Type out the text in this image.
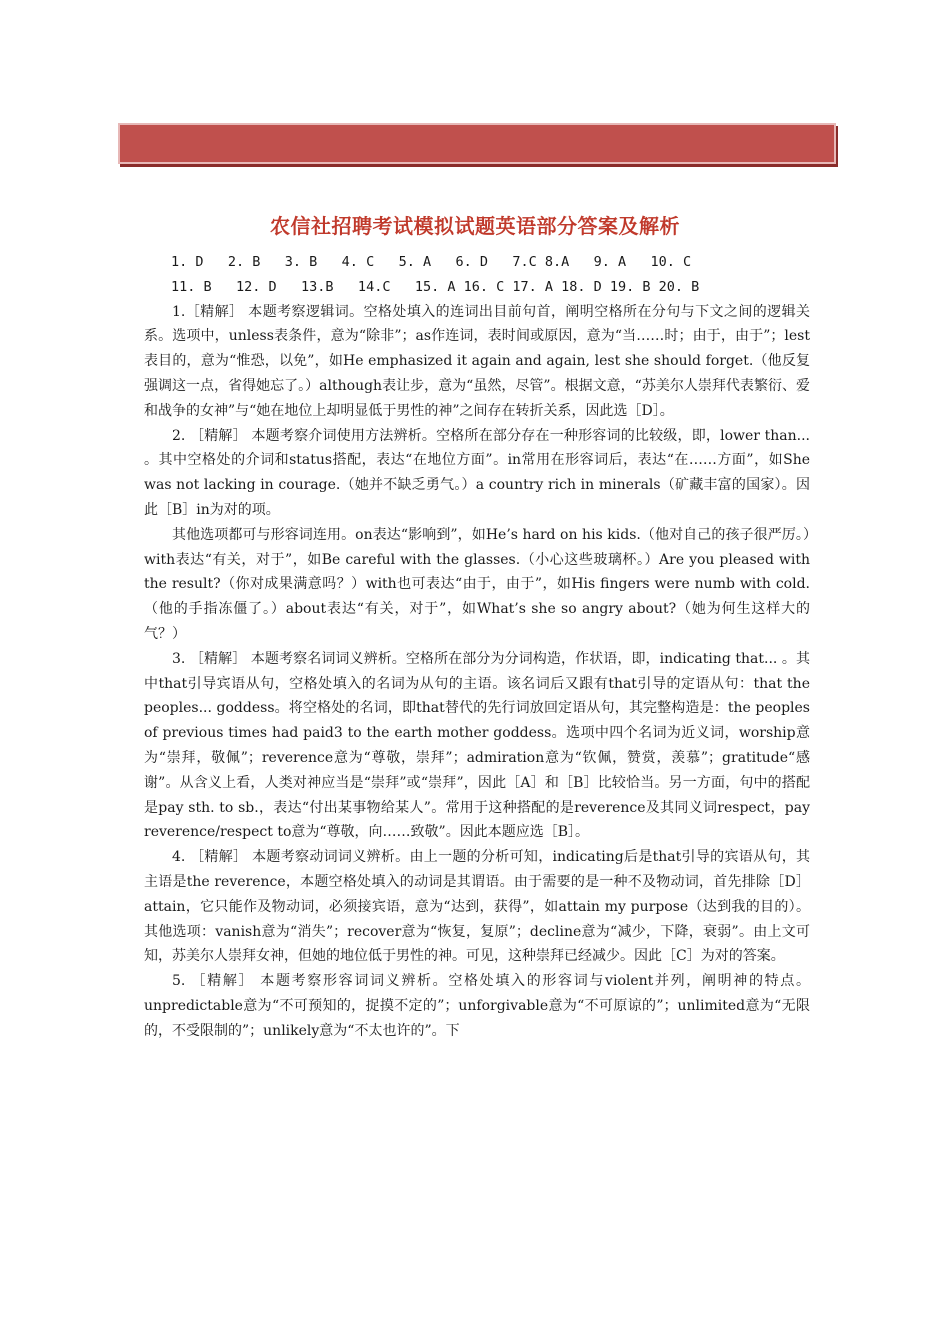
农信社招聘考试模拟试题英语部分答案及解析

1. D   2. B   3. B   4. C   5. A   6. D   7.C 8.A   9. A   10. C

11. B   12. D   13.B   14.C   15. A 16. C 17. A 18. D 19. B 20. B

1.［精解］ 本题考察逻辑词。空格处填入的连词出目前句首，阐明空格所在分句与下文之间的逻辑关系。选项中，unless表条件，意为“除非”；as作连词，表时间或原因，意为“当……时；由于，由于”；lest表目的，意为“惟恐，以免”，如He emphasized it again and again, lest she should forget.（他反复强调这一点，省得她忘了。）although表让步，意为“虽然，尽管”。根据文意，“苏美尔人崇拜代表繁衍、爱和战争的女神”与“她在地位上却明显低于男性的神”之间存在转折关系，因此选［D］。

2. ［精解］ 本题考察介词使用方法辨析。空格所在部分存在一种形容词的比较级，即，lower than... 。其中空格处的介词和status搭配，表达“在地位方面”。in常用在形容词后，表达“在……方面”，如She was not lacking in courage.（她并不缺乏勇气。）a country rich in minerals（矿藏丰富的国家）。因此［B］in为对的项。

其他选项都可与形容词连用。on表达“影响到”，如He’s hard on his kids.（他对自己的孩子很严厉。）with表达“有关，对于”，如Be careful with the glasses.（小心这些玻璃杯。）Are you pleased with the result?（你对成果满意吗？）with也可表达“由于，由于”，如His fingers were numb with cold.（他的手指冻僵了。）about表达“有关，对于”，如What’s she so angry about?（她为何生这样大的气？）

3. ［精解］ 本题考察名词词义辨析。空格所在部分为分词构造，作状语，即，indicating that... 。其中that引导宾语从句，空格处填入的名词为从句的主语。该名词后又跟有that引导的定语从句：that the peoples... goddess。将空格处的名词，即that替代的先行词放回定语从句，其完整构造是：the peoples of previous times had paid3 to the earth mother goddess。选项中四个名词为近义词，worship意为“崇拜，敬佩”；reverence意为“尊敬，崇拜”；admiration意为“钦佩，赞赏，羡慕”；gratitude“感谢”。从含义上看，人类对神应当是“崇拜”或“崇拜”，因此［A］和［B］比较恰当。另一方面，句中的搭配是pay sth. to sb.，表达“付出某事物给某人”。常用于这种搭配的是reverence及其同义词respect，pay reverence/respect to意为“尊敬，向……致敬”。因此本题应选［B］。

4. ［精解］ 本题考察动词词义辨析。由上一题的分析可知，indicating后是that引导的宾语从句，其主语是the reverence，本题空格处填入的动词是其谓语。由于需要的是一种不及物动词，首先排除［D］ attain，它只能作及物动词，必须接宾语，意为“达到，获得”，如attain my purpose（达到我的目的）。其他选项：vanish意为“消失”；recover意为“恢复，复原”；decline意为“减少，下降，衰弱”。由上文可知，苏美尔人崇拜女神，但她的地位低于男性的神。可见，这种崇拜已经减少。因此［C］为对的答案。

5. ［精解］ 本题考察形容词词义辨析。空格处填入的形容词与violent并列，阐明神的特点。unpredictable意为“不可预知的，捉摸不定的”；unforgivable意为“不可原谅的”；unlimited意为“无限的，不受限制的”；unlikely意为“不太也许的”。下
